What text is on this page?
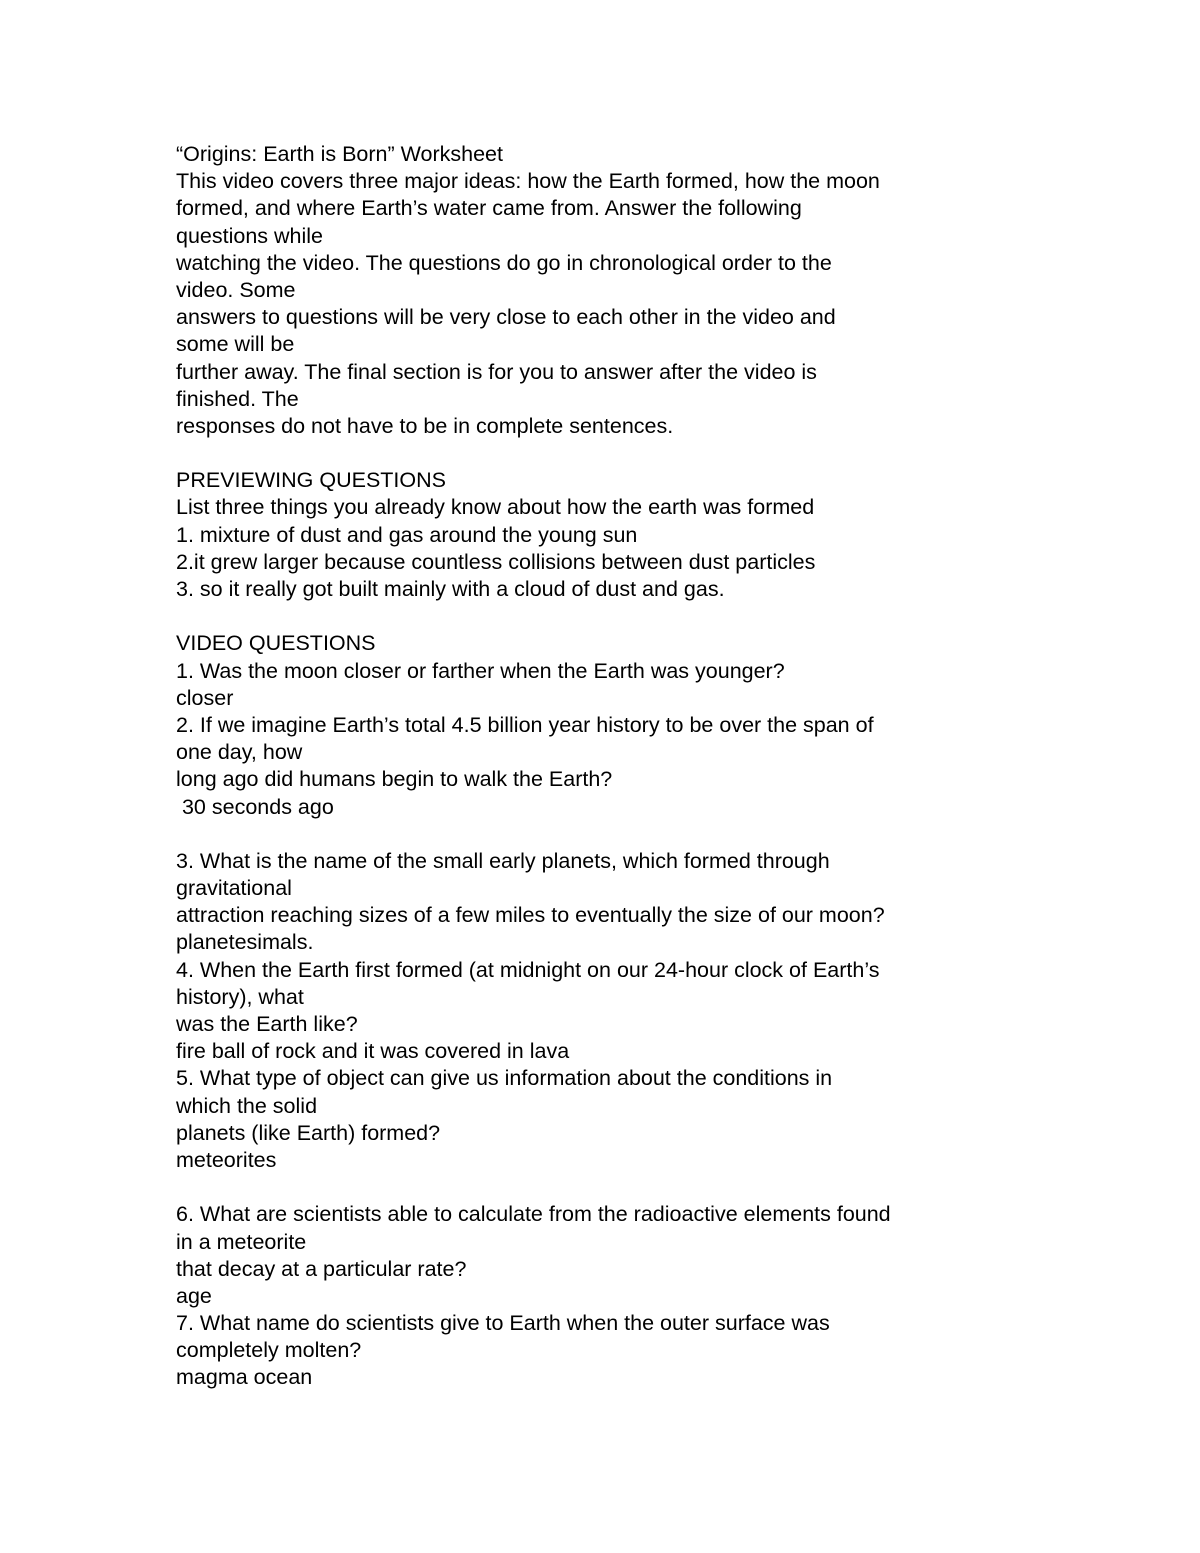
“Origins: Earth is Born” Worksheet
This video covers three major ideas: how the Earth formed, how the moon
formed, and where Earth’s water came from. Answer the following
questions while
watching the video. The questions do go in chronological order to the
video. Some
answers to questions will be very close to each other in the video and
some will be
further away. The final section is for you to answer after the video is
finished. The
responses do not have to be in complete sentences.
PREVIEWING QUESTIONS
List three things you already know about how the earth was formed
1. mixture of dust and gas around the young sun
2.it grew larger because countless collisions between dust particles
3. so it really got built mainly with a cloud of dust and gas.
VIDEO QUESTIONS
1. Was the moon closer or farther when the Earth was younger?
closer
2. If we imagine Earth’s total 4.5 billion year history to be over the span of
one day, how
long ago did humans begin to walk the Earth?
30 seconds ago
3. What is the name of the small early planets, which formed through
gravitational
attraction reaching sizes of a few miles to eventually the size of our moon?
planetesimals.
4. When the Earth first formed (at midnight on our 24-hour clock of Earth’s
history), what
was the Earth like?
fire ball of rock and it was covered in lava
5. What type of object can give us information about the conditions in
which the solid
planets (like Earth) formed?
meteorites
6. What are scientists able to calculate from the radioactive elements found
in a meteorite
that decay at a particular rate?
age
7. What name do scientists give to Earth when the outer surface was
completely molten?
magma ocean
